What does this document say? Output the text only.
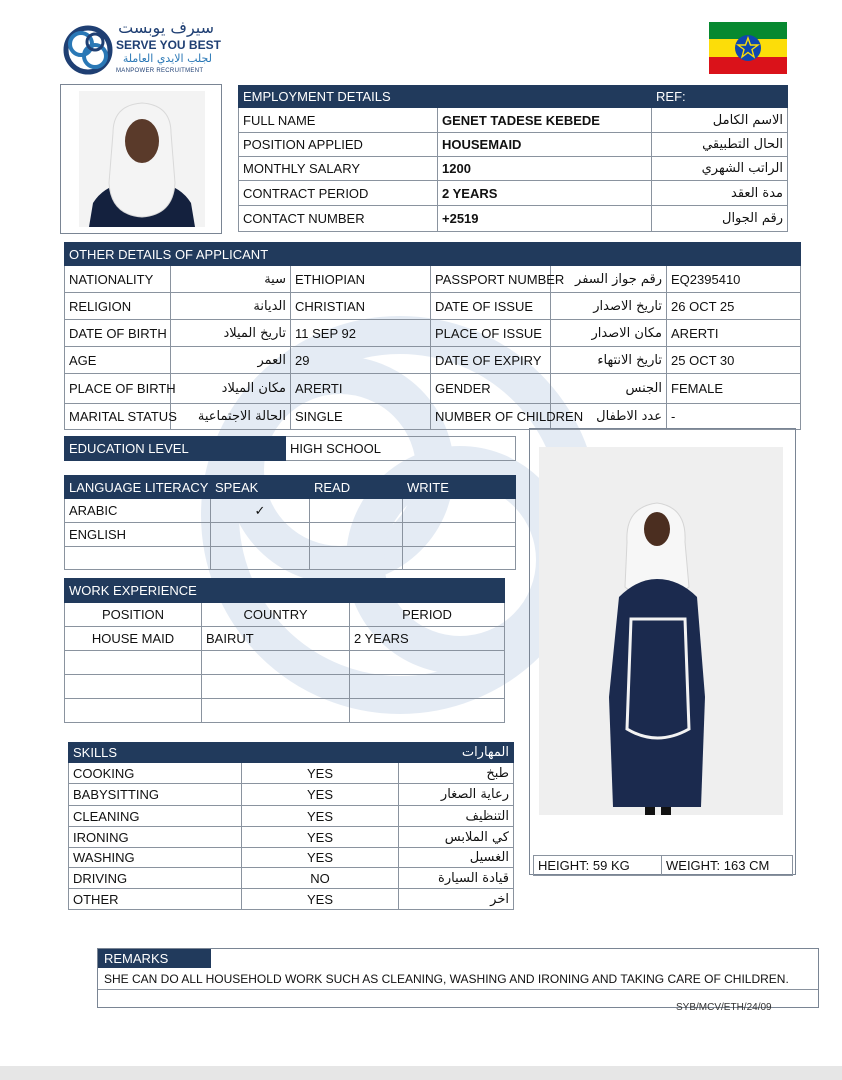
سيرف يوبست
SERVE YOU BEST
لجلب الايدي العاملة
MANPOWER RECRUITMENT
EMPLOYMENT DETAILS		REF:
FULL NAME	GENET TADESE KEBEDE	الاسم الكامل
POSITION APPLIED	HOUSEMAID	الحال التطبيقي
MONTHLY SALARY	1200	الراتب الشهري
CONTRACT PERIOD	2 YEARS	مدة العقد
CONTACT NUMBER	+2519	رقم الجوال
OTHER DETAILS OF APPLICANT					
NATIONALITY	سية	ETHIOPIAN	PASSPORT NUMBER	رقم جواز السفر	EQ2395410
RELIGION	الديانة	CHRISTIAN	DATE OF ISSUE	تاريخ الاصدار	26 OCT 25
DATE OF BIRTH	تاريخ الميلاد	11 SEP 92	PLACE OF ISSUE	مكان الاصدار	ARERTI
AGE	العمر	29	DATE OF EXPIRY	تاريخ الانتهاء	25 OCT 30
PLACE OF BIRTH	مكان الميلاد	ARERTI	GENDER	الجنس	FEMALE
MARITAL STATUS	الحالة الاجتماعية	SINGLE	NUMBER OF CHILDREN	عدد الاطفال	-
EDUCATION LEVEL	HIGH SCHOOL
LANGUAGE LITERACY	SPEAK	READ	WRITE
ARABIC	✓		
ENGLISH			

WORK EXPERIENCE		
POSITION	COUNTRY	PERIOD
HOUSE MAID	BAIRUT	2 YEARS

SKILLS		المهارات
COOKING	YES	طبخ
BABYSITTING	YES	رعاية الصغار
CLEANING	YES	التنظيف
IRONING	YES	كي الملابس
WASHING	YES	الغسيل
DRIVING	NO	قيادة السيارة
OTHER	YES	اخر
HEIGHT: 59 KG	WEIGHT: 163 CM
REMARKS
SHE CAN DO ALL HOUSEHOLD WORK SUCH AS CLEANING, WASHING AND IRONING AND TAKING CARE OF CHILDREN.
SYB/MCV/ETH/24/09
